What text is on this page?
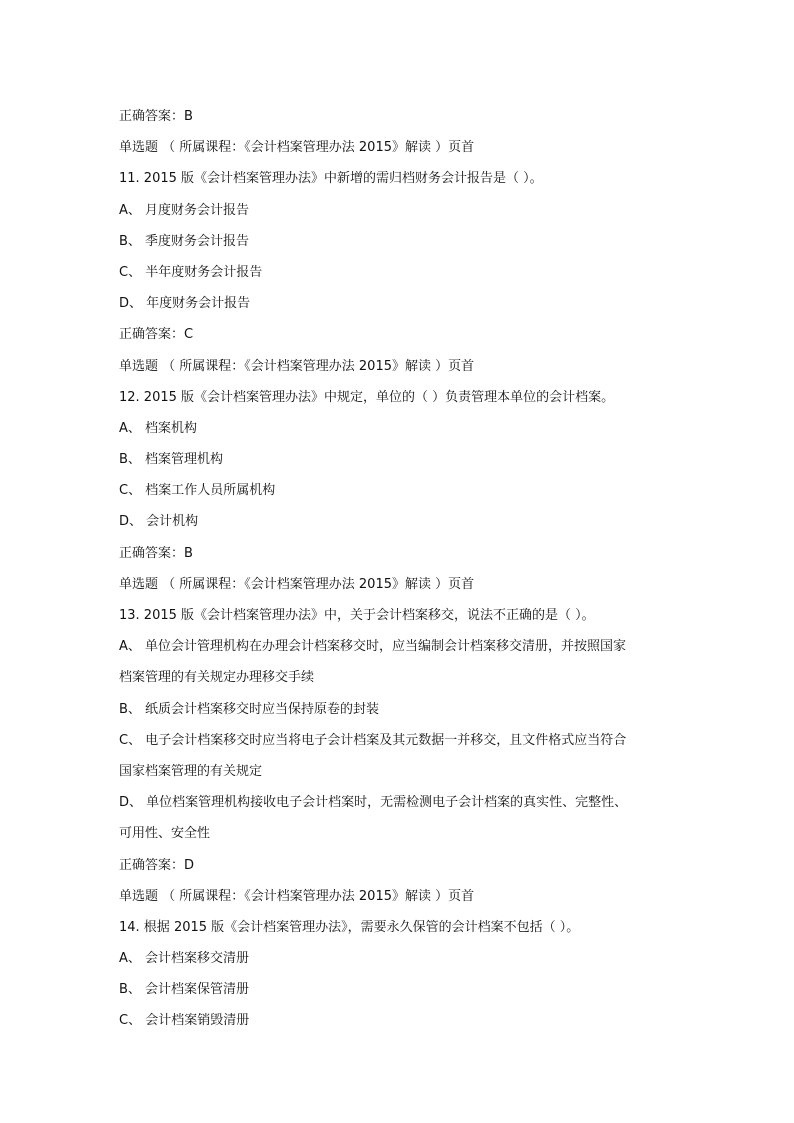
正确答案：B
单选题 （ 所属课程：《会计档案管理办法 2015》解读 ）页首
11. 2015 版《会计档案管理办法》中新增的需归档财务会计报告是（ ）。
A、 月度财务会计报告
B、 季度财务会计报告
C、 半年度财务会计报告
D、 年度财务会计报告
正确答案：C
单选题 （ 所属课程：《会计档案管理办法 2015》解读 ）页首
12. 2015 版《会计档案管理办法》中规定，单位的（ ）负责管理本单位的会计档案。
A、 档案机构
B、 档案管理机构
C、 档案工作人员所属机构
D、 会计机构
正确答案：B
单选题 （ 所属课程：《会计档案管理办法 2015》解读 ）页首
13. 2015 版《会计档案管理办法》中，关于会计档案移交，说法不正确的是（ ）。
A、 单位会计管理机构在办理会计档案移交时，应当编制会计档案移交清册，并按照国家
档案管理的有关规定办理移交手续
B、 纸质会计档案移交时应当保持原卷的封装
C、 电子会计档案移交时应当将电子会计档案及其元数据一并移交，且文件格式应当符合
国家档案管理的有关规定
D、 单位档案管理机构接收电子会计档案时，无需检测电子会计档案的真实性、完整性、
可用性、安全性
正确答案：D
单选题 （ 所属课程：《会计档案管理办法 2015》解读 ）页首
14. 根据 2015 版《会计档案管理办法》，需要永久保管的会计档案不包括（ ）。
A、 会计档案移交清册
B、 会计档案保管清册
C、 会计档案销毁清册
